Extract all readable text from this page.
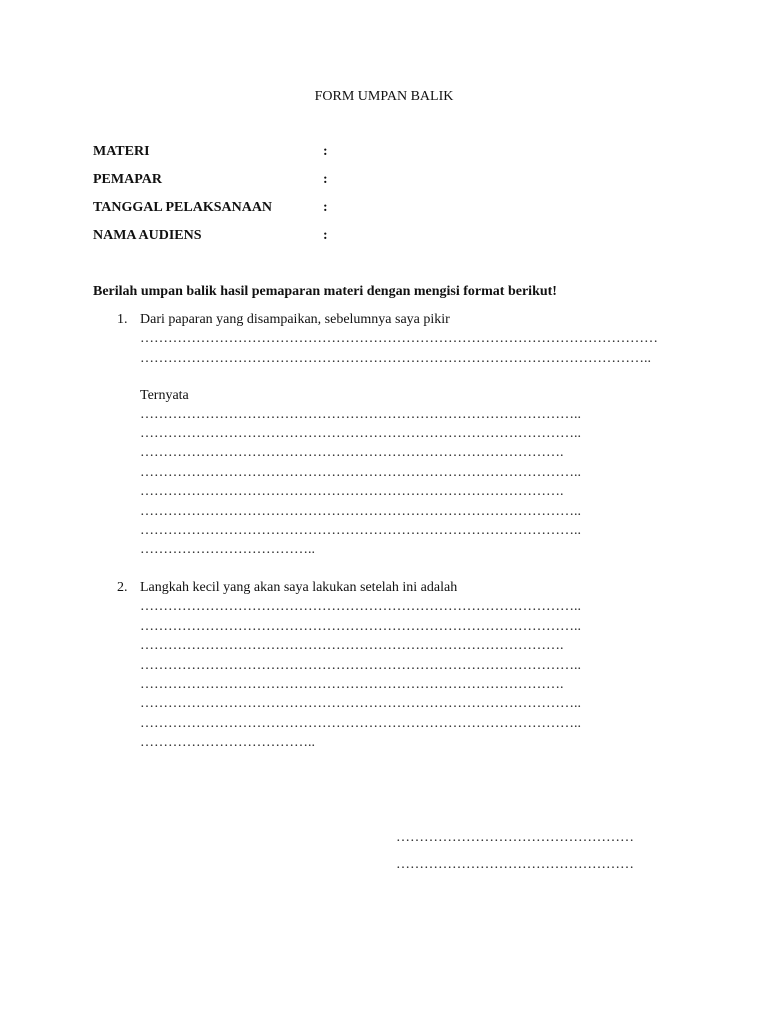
FORM UMPAN BALIK
MATERI	:
PEMAPAR	:
TANGGAL PELAKSANAAN	:
NAMA AUDIENS	:
Berilah umpan balik hasil pemaparan materi dengan mengisi format berikut!
1. Dari paparan yang disampaikan, sebelumnya saya pikir
…………………………………………………………………………………………………
………………………………………………………………………………………………..
Ternyata
…………………………………………………………………………………..
…………………………………………………………………………………..
……………………………………………………………………………….
…………………………………………………………………………………..
……………………………………………………………………………….
…………………………………………………………………………………..
…………………………………………………………………………………..
………………………………..
2. Langkah kecil yang akan saya lakukan setelah ini adalah
…………………………………………………………………………………..
…………………………………………………………………………………..
……………………………………………………………………………….
…………………………………………………………………………………..
……………………………………………………………………………….
…………………………………………………………………………………..
…………………………………………………………………………………..
………………………………..
……………………………………………
……………………………………………
